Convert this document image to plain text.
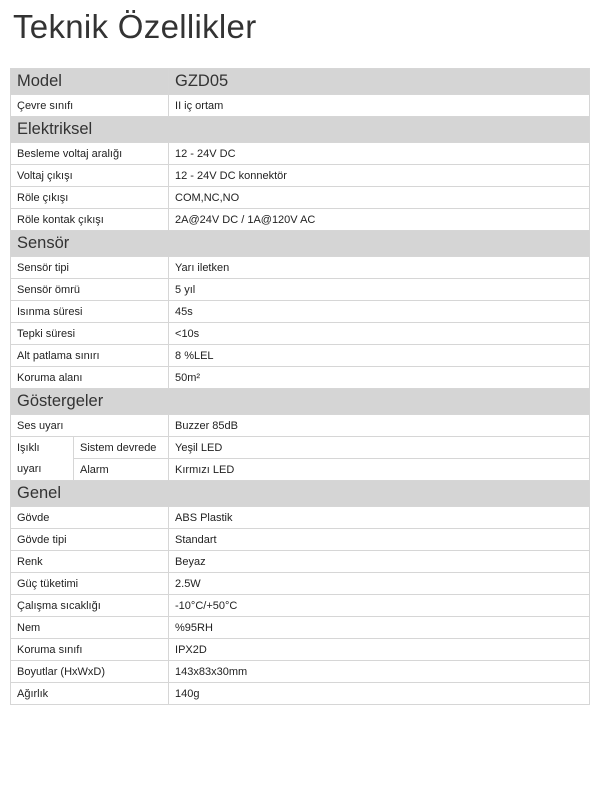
Teknik Özellikler
Model		GZD05
Çevre sınıfı		II iç ortam
Elektriksel		
Besleme voltaj aralığı		12 - 24V DC
Voltaj çıkışı		12 - 24V DC konnektör
Röle çıkışı		COM,NC,NO
Röle kontak çıkışı		2A@24V DC / 1A@120V AC
Sensör		
Sensör tipi		Yarı iletken
Sensör ömrü		5 yıl
Isınma süresi		45s
Tepki süresi		<10s
Alt patlama sınırı		8 %LEL
Koruma alanı		50m²
Göstergeler		
Ses uyarı		Buzzer 85dB
Işıklı	Sistem devrede	Yeşil LED
uyarı	Alarm	Kırmızı LED
Genel		
Gövde		ABS Plastik
Gövde tipi		Standart
Renk		Beyaz
Güç tüketimi		2.5W
Çalışma sıcaklığı		-10°C/+50°C
Nem		%95RH
Koruma sınıfı		IPX2D
Boyutlar (HxWxD)		143x83x30mm
Ağırlık		140g
